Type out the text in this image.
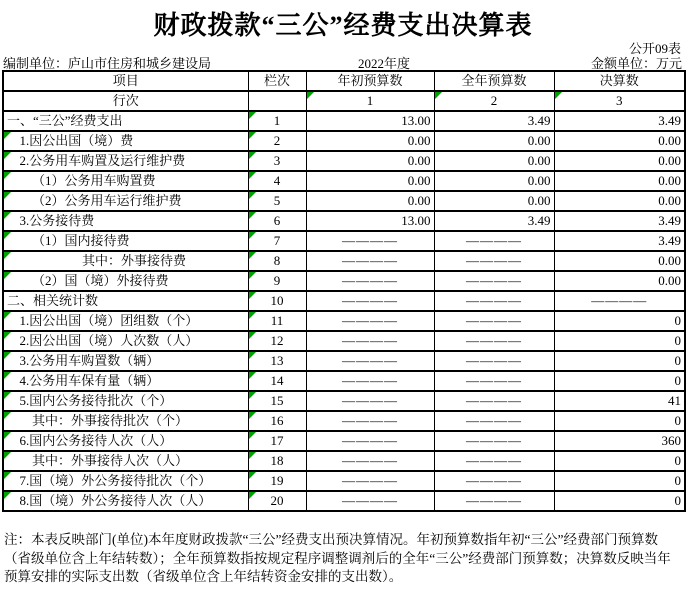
财政拨款“三公”经费支出决算表
公开09表
编制单位：庐山市住房和城乡建设局	2022年度	金额单位：万元
项目	栏次	年初预算数	全年预算数	决算数
行次		1	2	3
一、“三公”经费支出	1	13.00	3.49	3.49
1.因公出国（境）费	2	0.00	0.00	0.00
2.公务用车购置及运行维护费	3	0.00	0.00	0.00
（1）公务用车购置费	4	0.00	0.00	0.00
（2）公务用车运行维护费	5	0.00	0.00	0.00
3.公务接待费	6	13.00	3.49	3.49
（1）国内接待费	7	————	————	3.49
其中：外事接待费	8	————	————	0.00
（2）国（境）外接待费	9	————	————	0.00
二、相关统计数	10	————	————	————
1.因公出国（境）团组数（个）	11	————	————	0
2.因公出国（境）人次数（人）	12	————	————	0
3.公务用车购置数（辆）	13	————	————	0
4.公务用车保有量（辆）	14	————	————	0
5.国内公务接待批次（个）	15	————	————	41
其中：外事接待批次（个）	16	————	————	0
6.国内公务接待人次（人）	17	————	————	360
其中：外事接待人次（人）	18	————	————	0
7.国（境）外公务接待批次（个）	19	————	————	0
8.国（境）外公务接待人次（人）	20	————	————	0
注：本表反映部门(单位)本年度财政拨款“三公”经费支出预决算情况。年初预算数指年初“三公”经费部门预算数（省级单位含上年结转数）；全年预算数指按规定程序调整调剂后的全年“三公”经费部门预算数；决算数反映当年预算安排的实际支出数（省级单位含上年结转资金安排的支出数）。
